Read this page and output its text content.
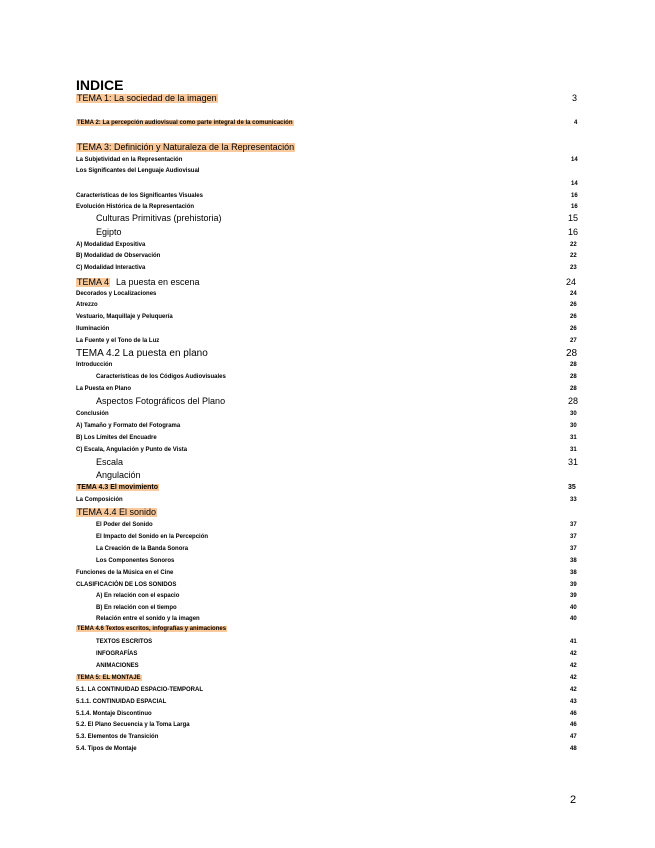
INDICE
TEMA 1: La sociedad de la imagen	3
TEMA 2: La percepción audiovisual como parte integral de la comunicación	4
TEMA 3: Definición y Naturaleza de la Representación
La Subjetividad en la Representación	14
Los Significantes del Lenguaje Audiovisual
14
Características de los Significantes Visuales	16
Evolución Histórica de la Representación	16
Culturas Primitivas (prehistoria)	15
Egipto	16
A) Modalidad Expositiva	22
B) Modalidad de Observación	22
C) Modalidad Interactiva	23
TEMA 4 La puesta en escena	24
Decorados y Localizaciones	24
Atrezzo	26
Vestuario, Maquillaje y Peluquería	26
Iluminación	26
La Fuente y el Tono de la Luz	27
TEMA 4.2 La puesta en plano	28
Introducción	28
Características de los Códigos Audiovisuales	28
La Puesta en Plano	28
Aspectos Fotográficos del Plano	28
Conclusión	30
A) Tamaño y Formato del Fotograma	30
B) Los Límites del Encuadre	31
C) Escala, Angulación y Punto de Vista	31
Escala	31
Angulación
TEMA 4.3 El movimiento	35
La Composición	33
TEMA 4.4 El sonido
El Poder del Sonido	37
El Impacto del Sonido en la Percepción	37
La Creación de la Banda Sonora	37
Los Componentes Sonoros	38
Funciones de la Música en el Cine	38
CLASIFICACIÓN DE LOS SONIDOS	39
A) En relación con el espacio	39
B) En relación con el tiempo	40
Relación entre el sonido y la imagen	40
TEMA 4.6 Textos escritos, infografías y animaciones
TEXTOS ESCRITOS	41
INFOGRAFÍAS	42
ANIMACIONES	42
TEMA 5: EL MONTAJE	42
5.1. LA CONTINUIDAD ESPACIO-TEMPORAL	42
5.1.1. CONTINUIDAD ESPACIAL	43
5.1.4. Montaje Discontinuo	46
5.2. El Plano Secuencia y la Toma Larga	46
5.3. Elementos de Transición	47
5.4. Tipos de Montaje	48
2
